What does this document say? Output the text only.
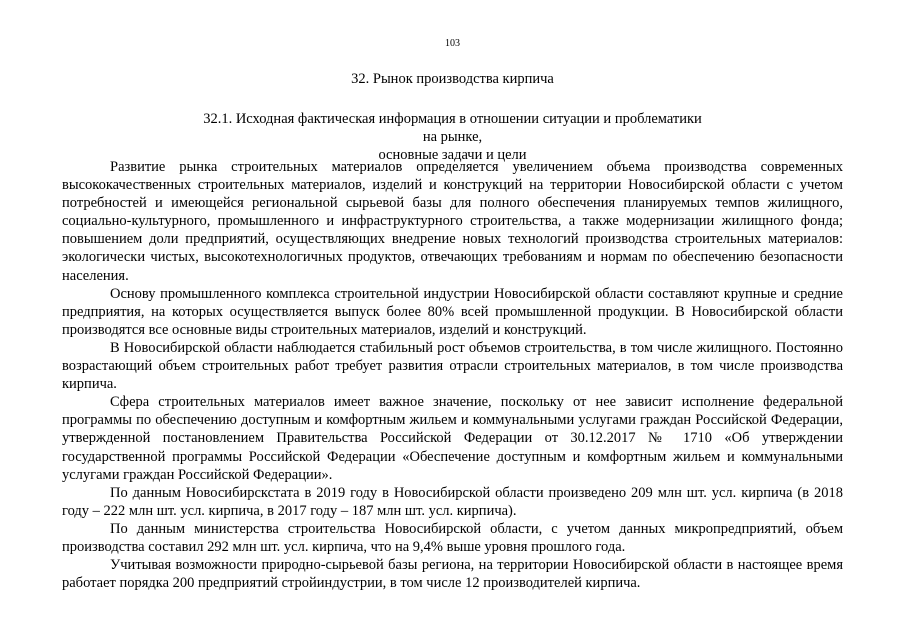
103
32. Рынок производства кирпича
32.1. Исходная фактическая информация в отношении ситуации и проблематики на рынке,
основные задачи и цели

Развитие рынка строительных материалов определяется увеличением объема производства современных высококачественных строительных материалов, изделий и конструкций на территории Новосибирской области с учетом потребностей и имеющейся региональной сырьевой базы для полного обеспечения планируемых темпов жилищного, социально-культурного, промышленного и инфраструктурного строительства, а также модернизации жилищного фонда; повышением доли предприятий, осуществляющих внедрение новых технологий производства строительных материалов: экологически чистых, высокотехнологичных продуктов, отвечающих требованиям и нормам по обеспечению безопасности населения.

Основу промышленного комплекса строительной индустрии Новосибирской области составляют крупные и средние предприятия, на которых осуществляется выпуск более 80% всей промышленной продукции. В Новосибирской области производятся все основные виды строительных материалов, изделий и конструкций.

В Новосибирской области наблюдается стабильный рост объемов строительства, в том числе жилищного. Постоянно возрастающий объем строительных работ требует развития отрасли строительных материалов, в том числе производства кирпича.

Сфера строительных материалов имеет важное значение, поскольку от нее зависит исполнение федеральной программы по обеспечению доступным и комфортным жильем и коммунальными услугами граждан Российской Федерации, утвержденной постановлением Правительства Российской Федерации от 30.12.2017 № 1710 «Об утверждении государственной программы Российской Федерации «Обеспечение доступным и комфортным жильем и коммунальными услугами граждан Российской Федерации».

По данным Новосибирскстата в 2019 году в Новосибирской области произведено 209 млн шт. усл. кирпича (в 2018 году – 222 млн шт. усл. кирпича, в 2017 году – 187 млн шт. усл. кирпича).

По данным министерства строительства Новосибирской области, с учетом данных микропредприятий, объем производства составил 292 млн шт. усл. кирпича, что на 9,4% выше уровня прошлого года.

Учитывая возможности природно-сырьевой базы региона, на территории Новосибирской области в настоящее время работает порядка 200 предприятий стройиндустрии, в том числе 12 производителей кирпича.
